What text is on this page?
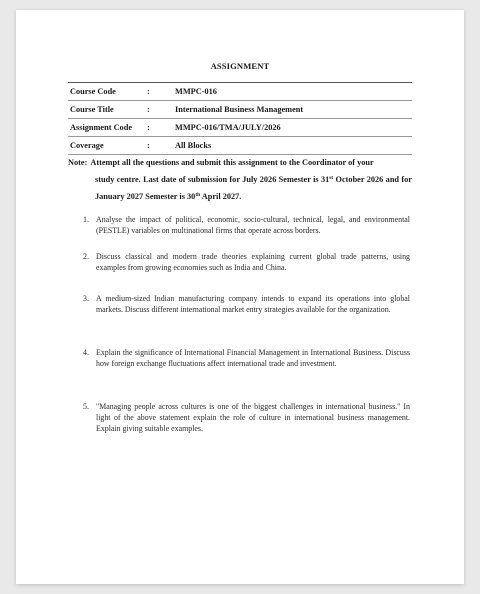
ASSIGNMENT
Course Code	:	MMPC-016
Course Title	:	International Business Management
Assignment Code :	MMPC-016/TMA/JULY/2026
Coverage	:	All Blocks
Note: Attempt all the questions and submit this assignment to the Coordinator of your
study centre. Last date of submission for July 2026 Semester is 31st October 2026 and for January 2027 Semester is 30th April 2027.
1. Analyse the impact of political, economic, socio-cultural, technical, legal, and environmental (PESTLE) variables on multinational firms that operate across borders.
2. Discuss classical and modern trade theories explaining current global trade patterns, using examples from growing economies such as India and China.
3. A medium-sized Indian manufacturing company intends to expand its operations into global markets. Discuss different international market entry strategies available for the organization.
4. Explain the significance of International Financial Management in International Business. Discuss how foreign exchange fluctuations affect international trade and investment.
5. "Managing people across cultures is one of the biggest challenges in international business." In light of the above statement explain the role of culture in international business management. Explain giving suitable examples.
